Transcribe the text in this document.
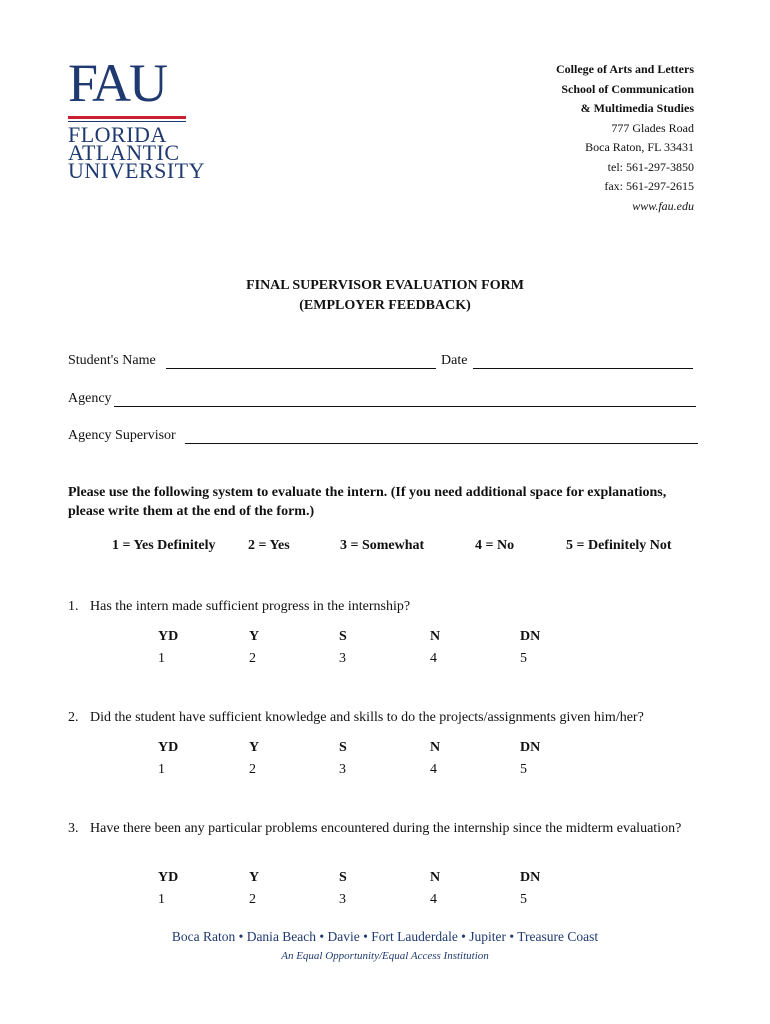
FAU
FLORIDA
ATLANTIC
UNIVERSITY
College of Arts and Letters
School of Communication
& Multimedia Studies
777 Glades Road
Boca Raton, FL 33431
tel: 561-297-3850
fax: 561-297-2615
www.fau.edu
FINAL SUPERVISOR EVALUATION FORM
(EMPLOYER FEEDBACK)
Student's Name	Date
Agency
Agency Supervisor
Please use the following system to evaluate the intern. (If you need additional space for explanations, please write them at the end of the form.)
1 = Yes Definitely 2 = Yes	3 = Somewhat	4 = No	5 = Definitely Not
1. Has the intern made sufficient progress in the internship?
YD	Y	S	N	DN
1	2	3	4	5
2. Did the student have sufficient knowledge and skills to do the projects/assignments given him/her?
YD	Y	S	N	DN
1	2	3	4	5
3. Have there been any particular problems encountered during the internship since the midterm evaluation?
YD	Y	S	N	DN
1	2	3	4	5
Boca Raton • Dania Beach • Davie • Fort Lauderdale • Jupiter • Treasure Coast
An Equal Opportunity/Equal Access Institution
